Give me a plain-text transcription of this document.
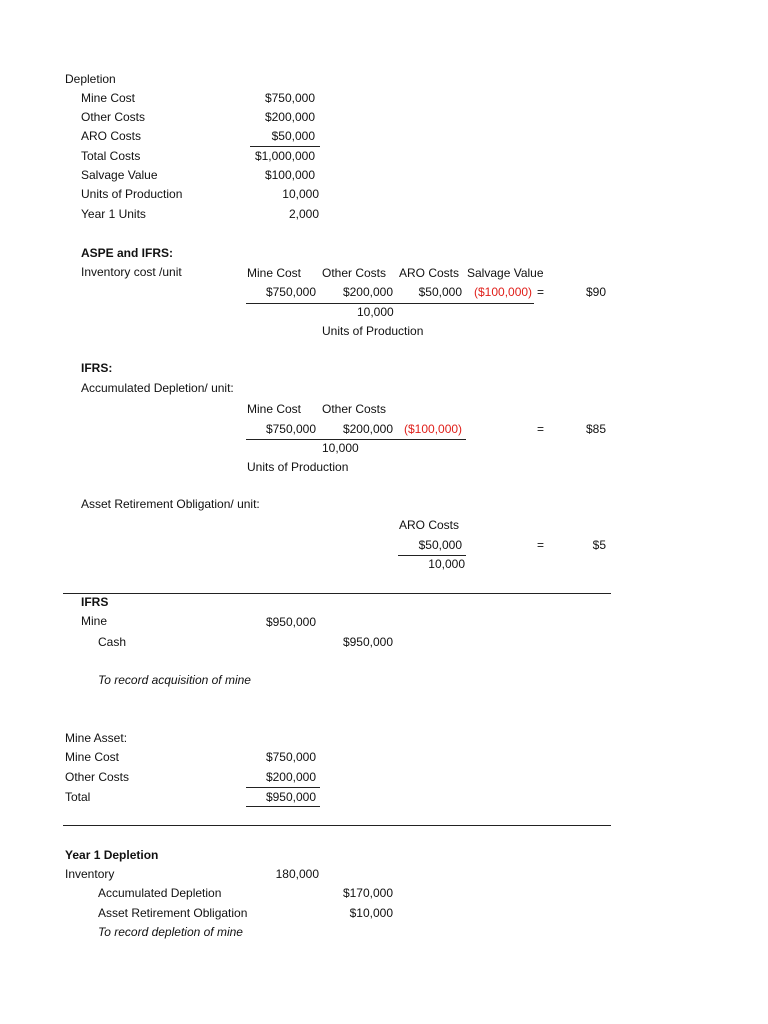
Depletion
Mine Cost	$750,000
Other Costs	$200,000
ARO Costs	$50,000
Total Costs	$1,000,000
Salvage Value	$100,000
Units of Production	10,000
Year 1 Units	2,000
ASPE and IFRS:
Inventory cost /unit	Mine Cost Other Costs ARO Costs Salvage Value
$750,000	$200,000	$50,000 ($100,000) =	$90
10,000
Units of Production
IFRS:
Accumulated Depletion/ unit:
Mine Cost Other Costs
$750,000	$200,000 ($100,000)	=	$85
10,000
Units of Production
Asset Retirement Obligation/ unit:
ARO Costs
$50,000	=	$5
10,000
IFRS
Mine	$950,000
Cash	$950,000
To record acquisition of mine
Mine Asset:
Mine Cost	$750,000
Other Costs	$200,000
Total	$950,000
Year 1 Depletion
Inventory	180,000
Accumulated Depletion	$170,000
Asset Retirement Obligation	$10,000
To record depletion of mine
